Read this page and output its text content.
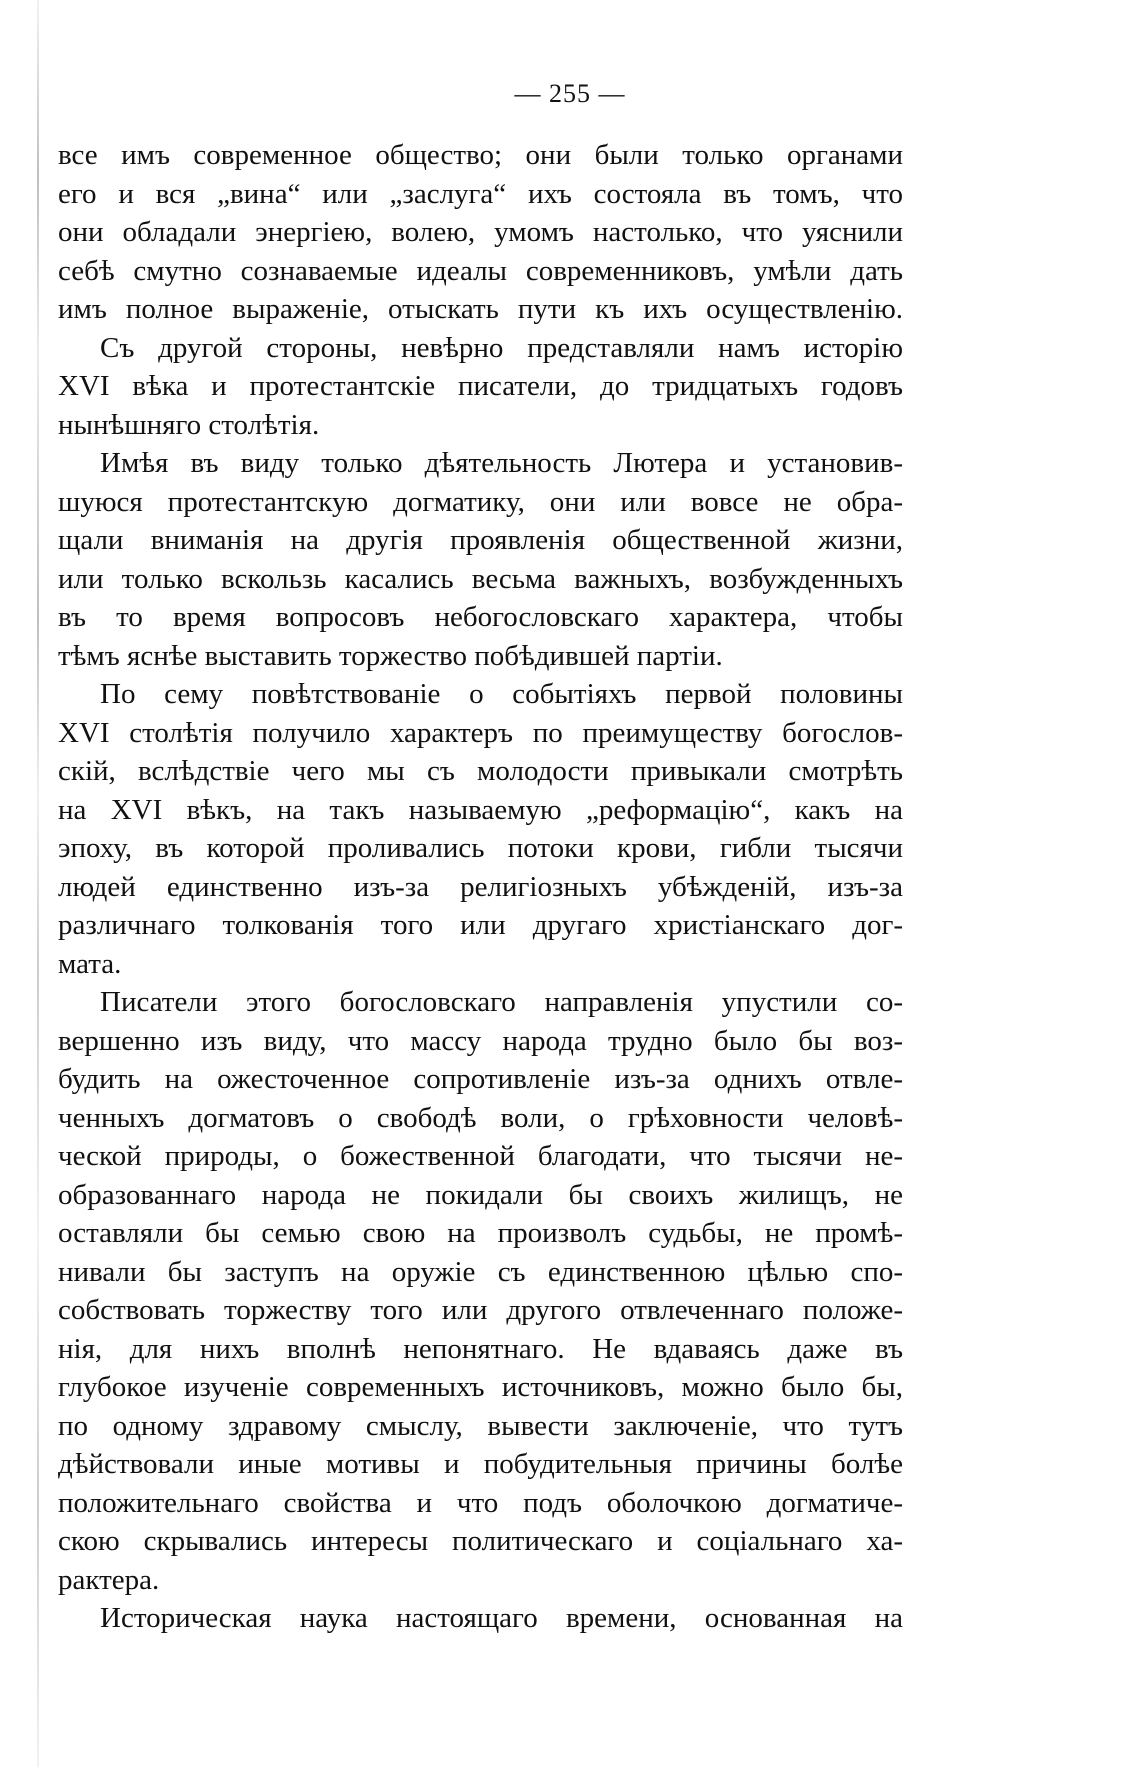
— 255 —
все имъ современное общество; они были только органами
его и вся „вина“ или „заслуга“ ихъ состояла въ томъ, что
они обладали энергіею, волею, умомъ настолько, что уяснили
себѣ смутно сознаваемые идеалы современниковъ, умѣли дать
имъ полное выраженіе, отыскать пути къ ихъ осуществленію.
Съ другой стороны, невѣрно представляли намъ исторію
XVI вѣка и протестантскіе писатели, до тридцатыхъ годовъ
нынѣшняго столѣтія.
Имѣя въ виду только дѣятельность Лютера и установив-
шуюся протестантскую догматику, они или вовсе не обра-
щали вниманія на другія проявленія общественной жизни,
или только вскользь касались весьма важныхъ, возбужденныхъ
въ то время вопросовъ небогословскаго характера, чтобы
тѣмъ яснѣе выставить торжество побѣдившей партіи.
По сему повѣтствованіе о событіяхъ первой половины
XVI столѣтія получило характеръ по преимуществу богослов-
скій, вслѣдствіе чего мы съ молодости привыкали смотрѣть
на XVI вѣкъ, на такъ называемую „реформацію“, какъ на
эпоху, въ которой проливались потоки крови, гибли тысячи
людей единственно изъ-за религіозныхъ убѣжденій, изъ-за
различнаго толкованія того или другаго христіанскаго дог-
мата.
Писатели этого богословскаго направленія упустили со-
вершенно изъ виду, что массу народа трудно было бы воз-
будить на ожесточенное сопротивленіе изъ-за однихъ отвле-
ченныхъ догматовъ о свободѣ воли, о грѣховности человѣ-
ческой природы, о божественной благодати, что тысячи не-
образованнаго народа не покидали бы своихъ жилищъ, не
оставляли бы семью свою на произволъ судьбы, не промѣ-
нивали бы заступъ на оружіе съ единственною цѣлью спо-
собствовать торжеству того или другого отвлеченнаго положе-
нія, для нихъ вполнѣ непонятнаго. Не вдаваясь даже въ
глубокое изученіе современныхъ источниковъ, можно было бы,
по одному здравому смыслу, вывести заключеніе, что тутъ
дѣйствовали иные мотивы и побудительныя причины болѣе
положительнаго свойства и что подъ оболочкою догматиче-
скою скрывались интересы политическаго и соціальнаго ха-
рактера.
Историческая наука настоящаго времени, основанная на
